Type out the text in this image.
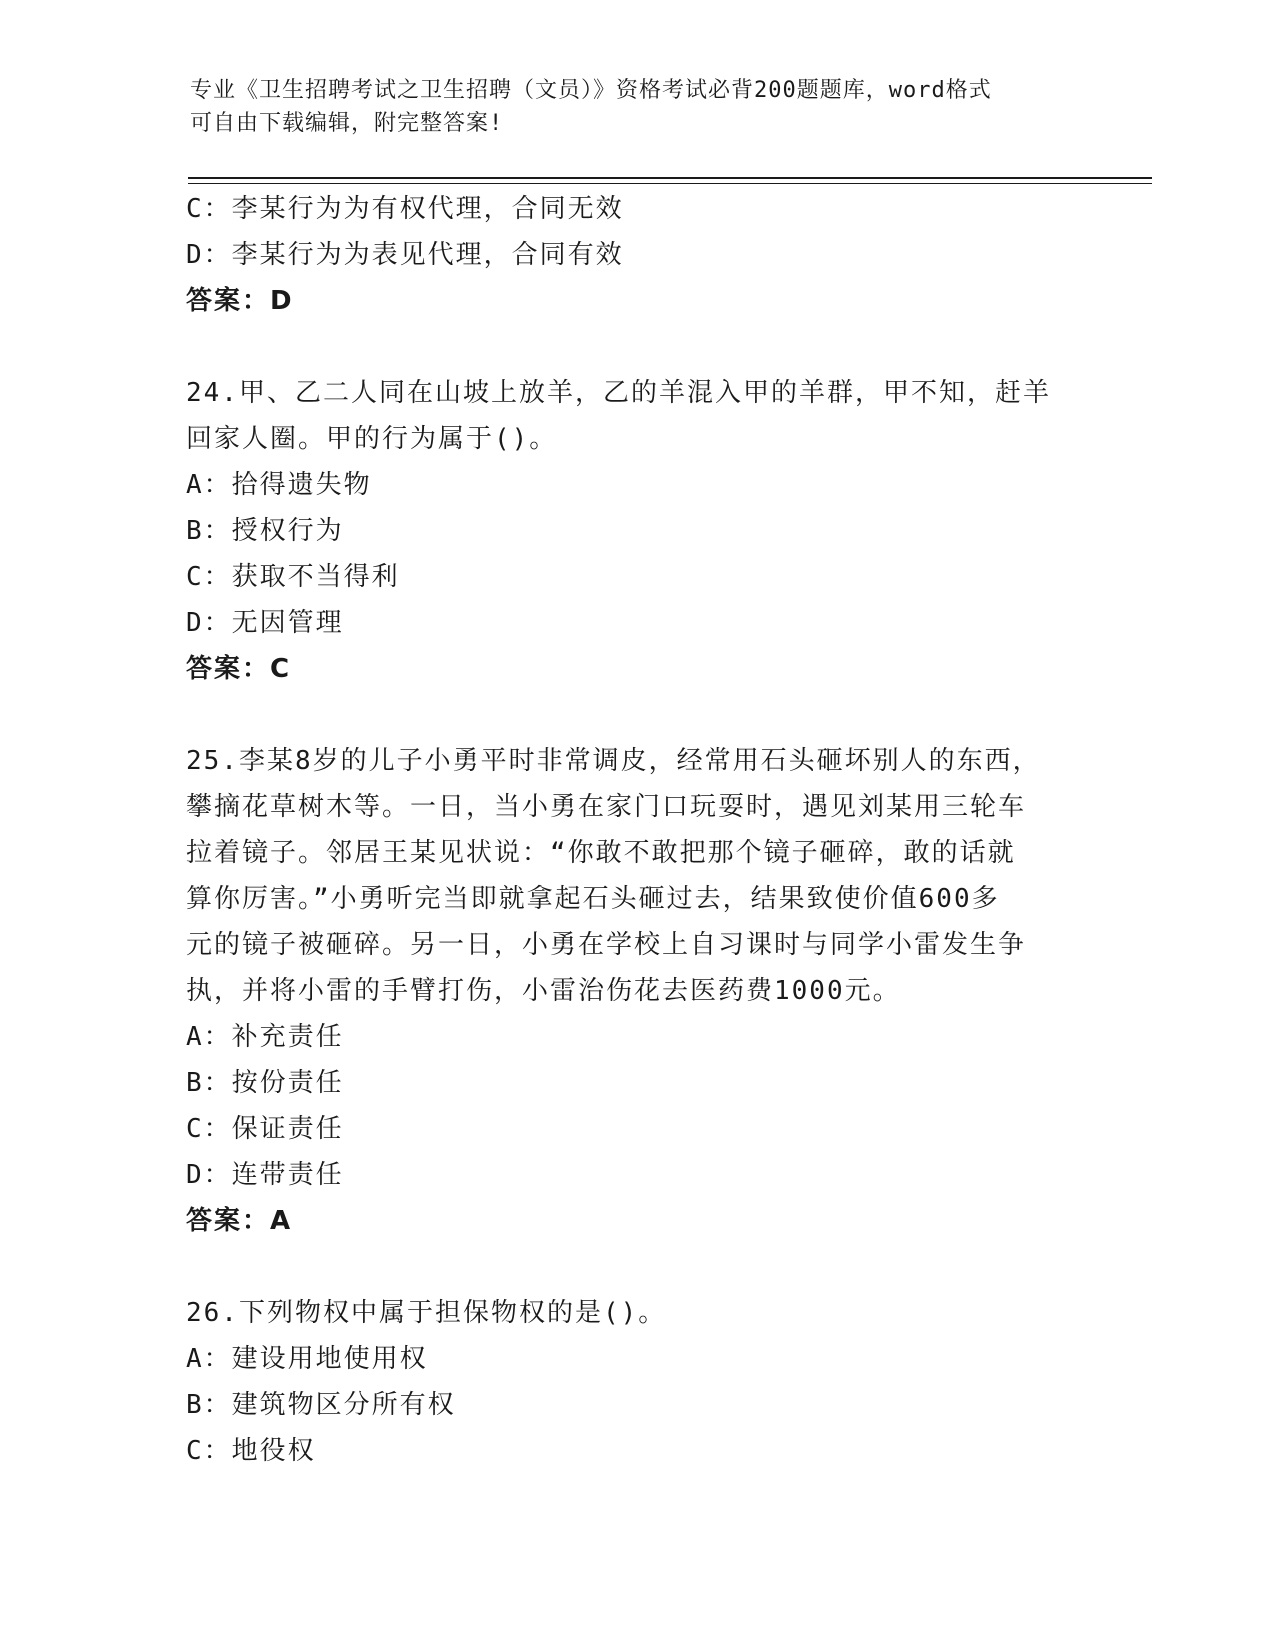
专业《卫生招聘考试之卫生招聘（文员）》资格考试必背200题题库，word格式
可自由下载编辑，附完整答案!
C：李某行为为有权代理，合同无效
D：李某行为为表见代理，合同有效
答案：D
24.甲、乙二人同在山坡上放羊，乙的羊混入甲的羊群，甲不知，赶羊
回家人圈。甲的行为属于()。
A：拾得遗失物
B：授权行为
C：获取不当得利
D：无因管理
答案：C
25.李某8岁的儿子小勇平时非常调皮，经常用石头砸坏别人的东西，
攀摘花草树木等。一日，当小勇在家门口玩耍时，遇见刘某用三轮车
拉着镜子。邻居王某见状说：“你敢不敢把那个镜子砸碎，敢的话就
算你厉害。”小勇听完当即就拿起石头砸过去，结果致使价值600多
元的镜子被砸碎。另一日，小勇在学校上自习课时与同学小雷发生争
执，并将小雷的手臂打伤，小雷治伤花去医药费1000元。
A：补充责任
B：按份责任
C：保证责任
D：连带责任
答案：A
26.下列物权中属于担保物权的是()。
A：建设用地使用权
B：建筑物区分所有权
C：地役权
